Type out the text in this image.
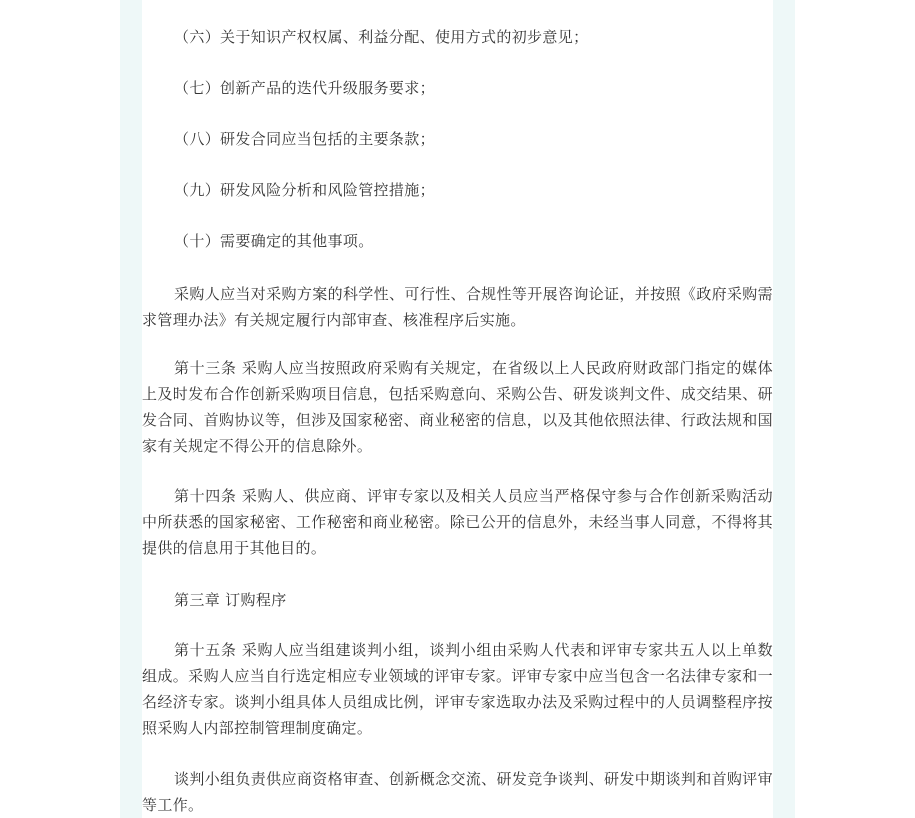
（六）关于知识产权权属、利益分配、使用方式的初步意见；

（七）创新产品的迭代升级服务要求；

（八）研发合同应当包括的主要条款；

（九）研发风险分析和风险管控措施；

（十）需要确定的其他事项。

采购人应当对采购方案的科学性、可行性、合规性等开展咨询论证，并按照《政府采购需求管理办法》有关规定履行内部审查、核准程序后实施。

第十三条 采购人应当按照政府采购有关规定，在省级以上人民政府财政部门指定的媒体上及时发布合作创新采购项目信息，包括采购意向、采购公告、研发谈判文件、成交结果、研发合同、首购协议等，但涉及国家秘密、商业秘密的信息，以及其他依照法律、行政法规和国家有关规定不得公开的信息除外。

第十四条 采购人、供应商、评审专家以及相关人员应当严格保守参与合作创新采购活动中所获悉的国家秘密、工作秘密和商业秘密。除已公开的信息外，未经当事人同意，不得将其提供的信息用于其他目的。

第三章 订购程序

第十五条 采购人应当组建谈判小组，谈判小组由采购人代表和评审专家共五人以上单数组成。采购人应当自行选定相应专业领域的评审专家。评审专家中应当包含一名法律专家和一名经济专家。谈判小组具体人员组成比例，评审专家选取办法及采购过程中的人员调整程序按照采购人内部控制管理制度确定。

谈判小组负责供应商资格审查、创新概念交流、研发竞争谈判、研发中期谈判和首购评审等工作。
